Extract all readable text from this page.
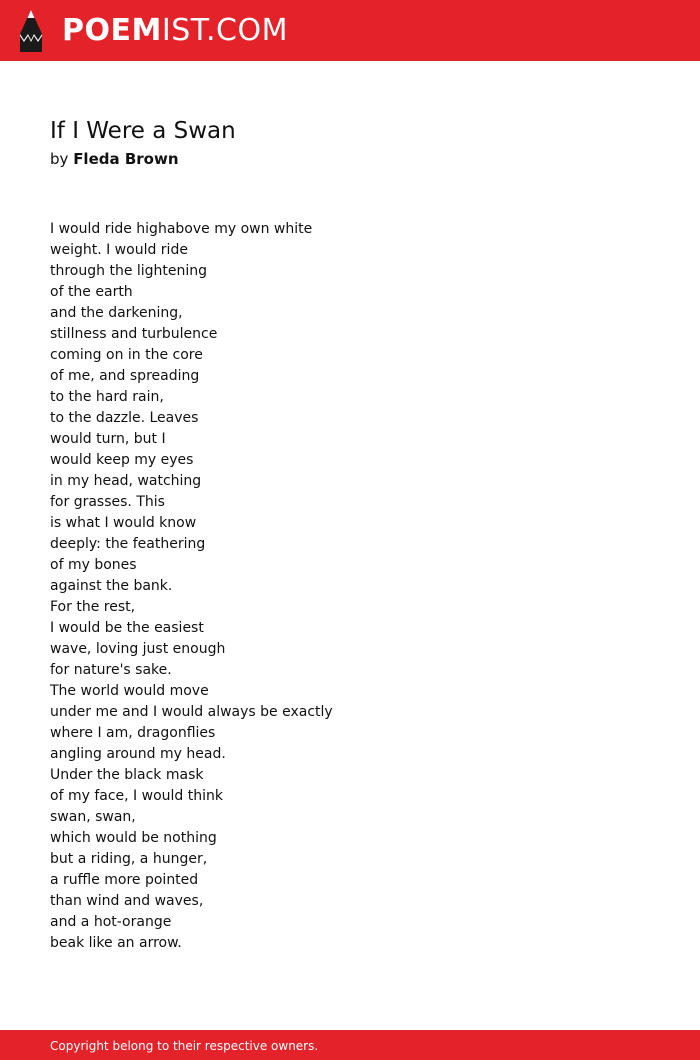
POEMIST.COM
If I Were a Swan
by Fleda Brown
I would ride highabove my own white
weight. I would ride
through the lightening
of the earth
and the darkening,
stillness and turbulence
coming on in the core
of me, and spreading
to the hard rain,
to the dazzle. Leaves
would turn, but I
would keep my eyes
in my head, watching
for grasses. This
is what I would know
deeply: the feathering
of my bones
against the bank.
For the rest,
I would be the easiest
wave, loving just enough
for nature's sake.
The world would move
under me and I would always be exactly
where I am, dragonflies
angling around my head.
Under the black mask
of my face, I would think
swan, swan,
which would be nothing
but a riding, a hunger,
a ruffle more pointed
than wind and waves,
and a hot-orange
beak like an arrow.
Copyright belong to their respective owners.
